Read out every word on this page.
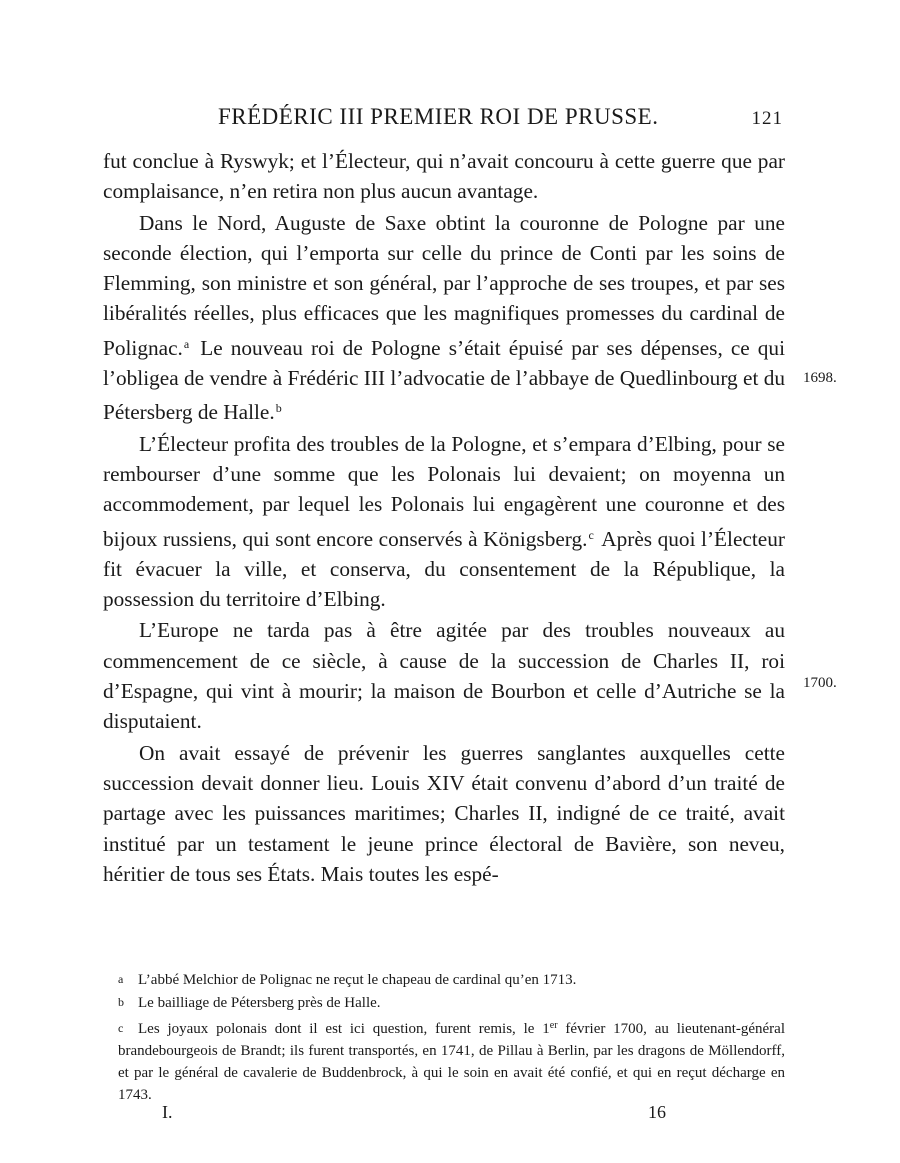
FRÉDÉRIC III PREMIER ROI DE PRUSSE.	121

fut conclue à Ryswyk; et l’Électeur, qui n’avait concouru à cette guerre que par complaisance, n’en retira non plus aucun avantage.

Dans le Nord, Auguste de Saxe obtint la couronne de Pologne par une seconde élection, qui l’emporta sur celle du prince de Conti par les soins de Flemming, son ministre et son général, par l’approche de ses troupes, et par ses libéralités réelles, plus efficaces que les magnifiques promesses du cardinal de Polignac.$^a$ Le nouveau roi de Pologne s’était épuisé par ses dépenses, ce qui l’obligea de vendre à Frédéric III l’advocatie de l’abbaye de Quedlinbourg et du Pétersberg de Halle.$^b$

L’Électeur profita des troubles de la Pologne, et s’empara d’Elbing, pour se rembourser d’une somme que les Polonais lui devaient; on moyenna un accommodement, par lequel les Polonais lui engagèrent une couronne et des bijoux russiens, qui sont encore conservés à Königsberg.$^c$ Après quoi l’Électeur fit évacuer la ville, et conserva, du consentement de la République, la possession du territoire d’Elbing.

L’Europe ne tarda pas à être agitée par des troubles nouveaux au commencement de ce siècle, à cause de la succession de Charles II, roi d’Espagne, qui vint à mourir; la maison de Bourbon et celle d’Autriche se la disputaient.

On avait essayé de prévenir les guerres sanglantes auxquelles cette succession devait donner lieu. Louis XIV était convenu d’abord d’un traité de partage avec les puissances maritimes; Charles II, indigné de ce traité, avait institué par un testament le jeune prince électoral de Bavière, son neveu, héritier de tous ses États. Mais toutes les espé-

1698.
1700.

a L’abbé Melchior de Polignac ne reçut le chapeau de cardinal qu’en 1713.

b Le bailliage de Pétersberg près de Halle.

c Les joyaux polonais dont il est ici question, furent remis, le 1er février 1700, au lieutenant-général brandebourgeois de Brandt; ils furent transportés, en 1741, de Pillau à Berlin, par les dragons de Möllendorff, et par le général de cavalerie de Buddenbrock, à qui le soin en avait été confié, et qui en reçut décharge en 1743.

I.	16
